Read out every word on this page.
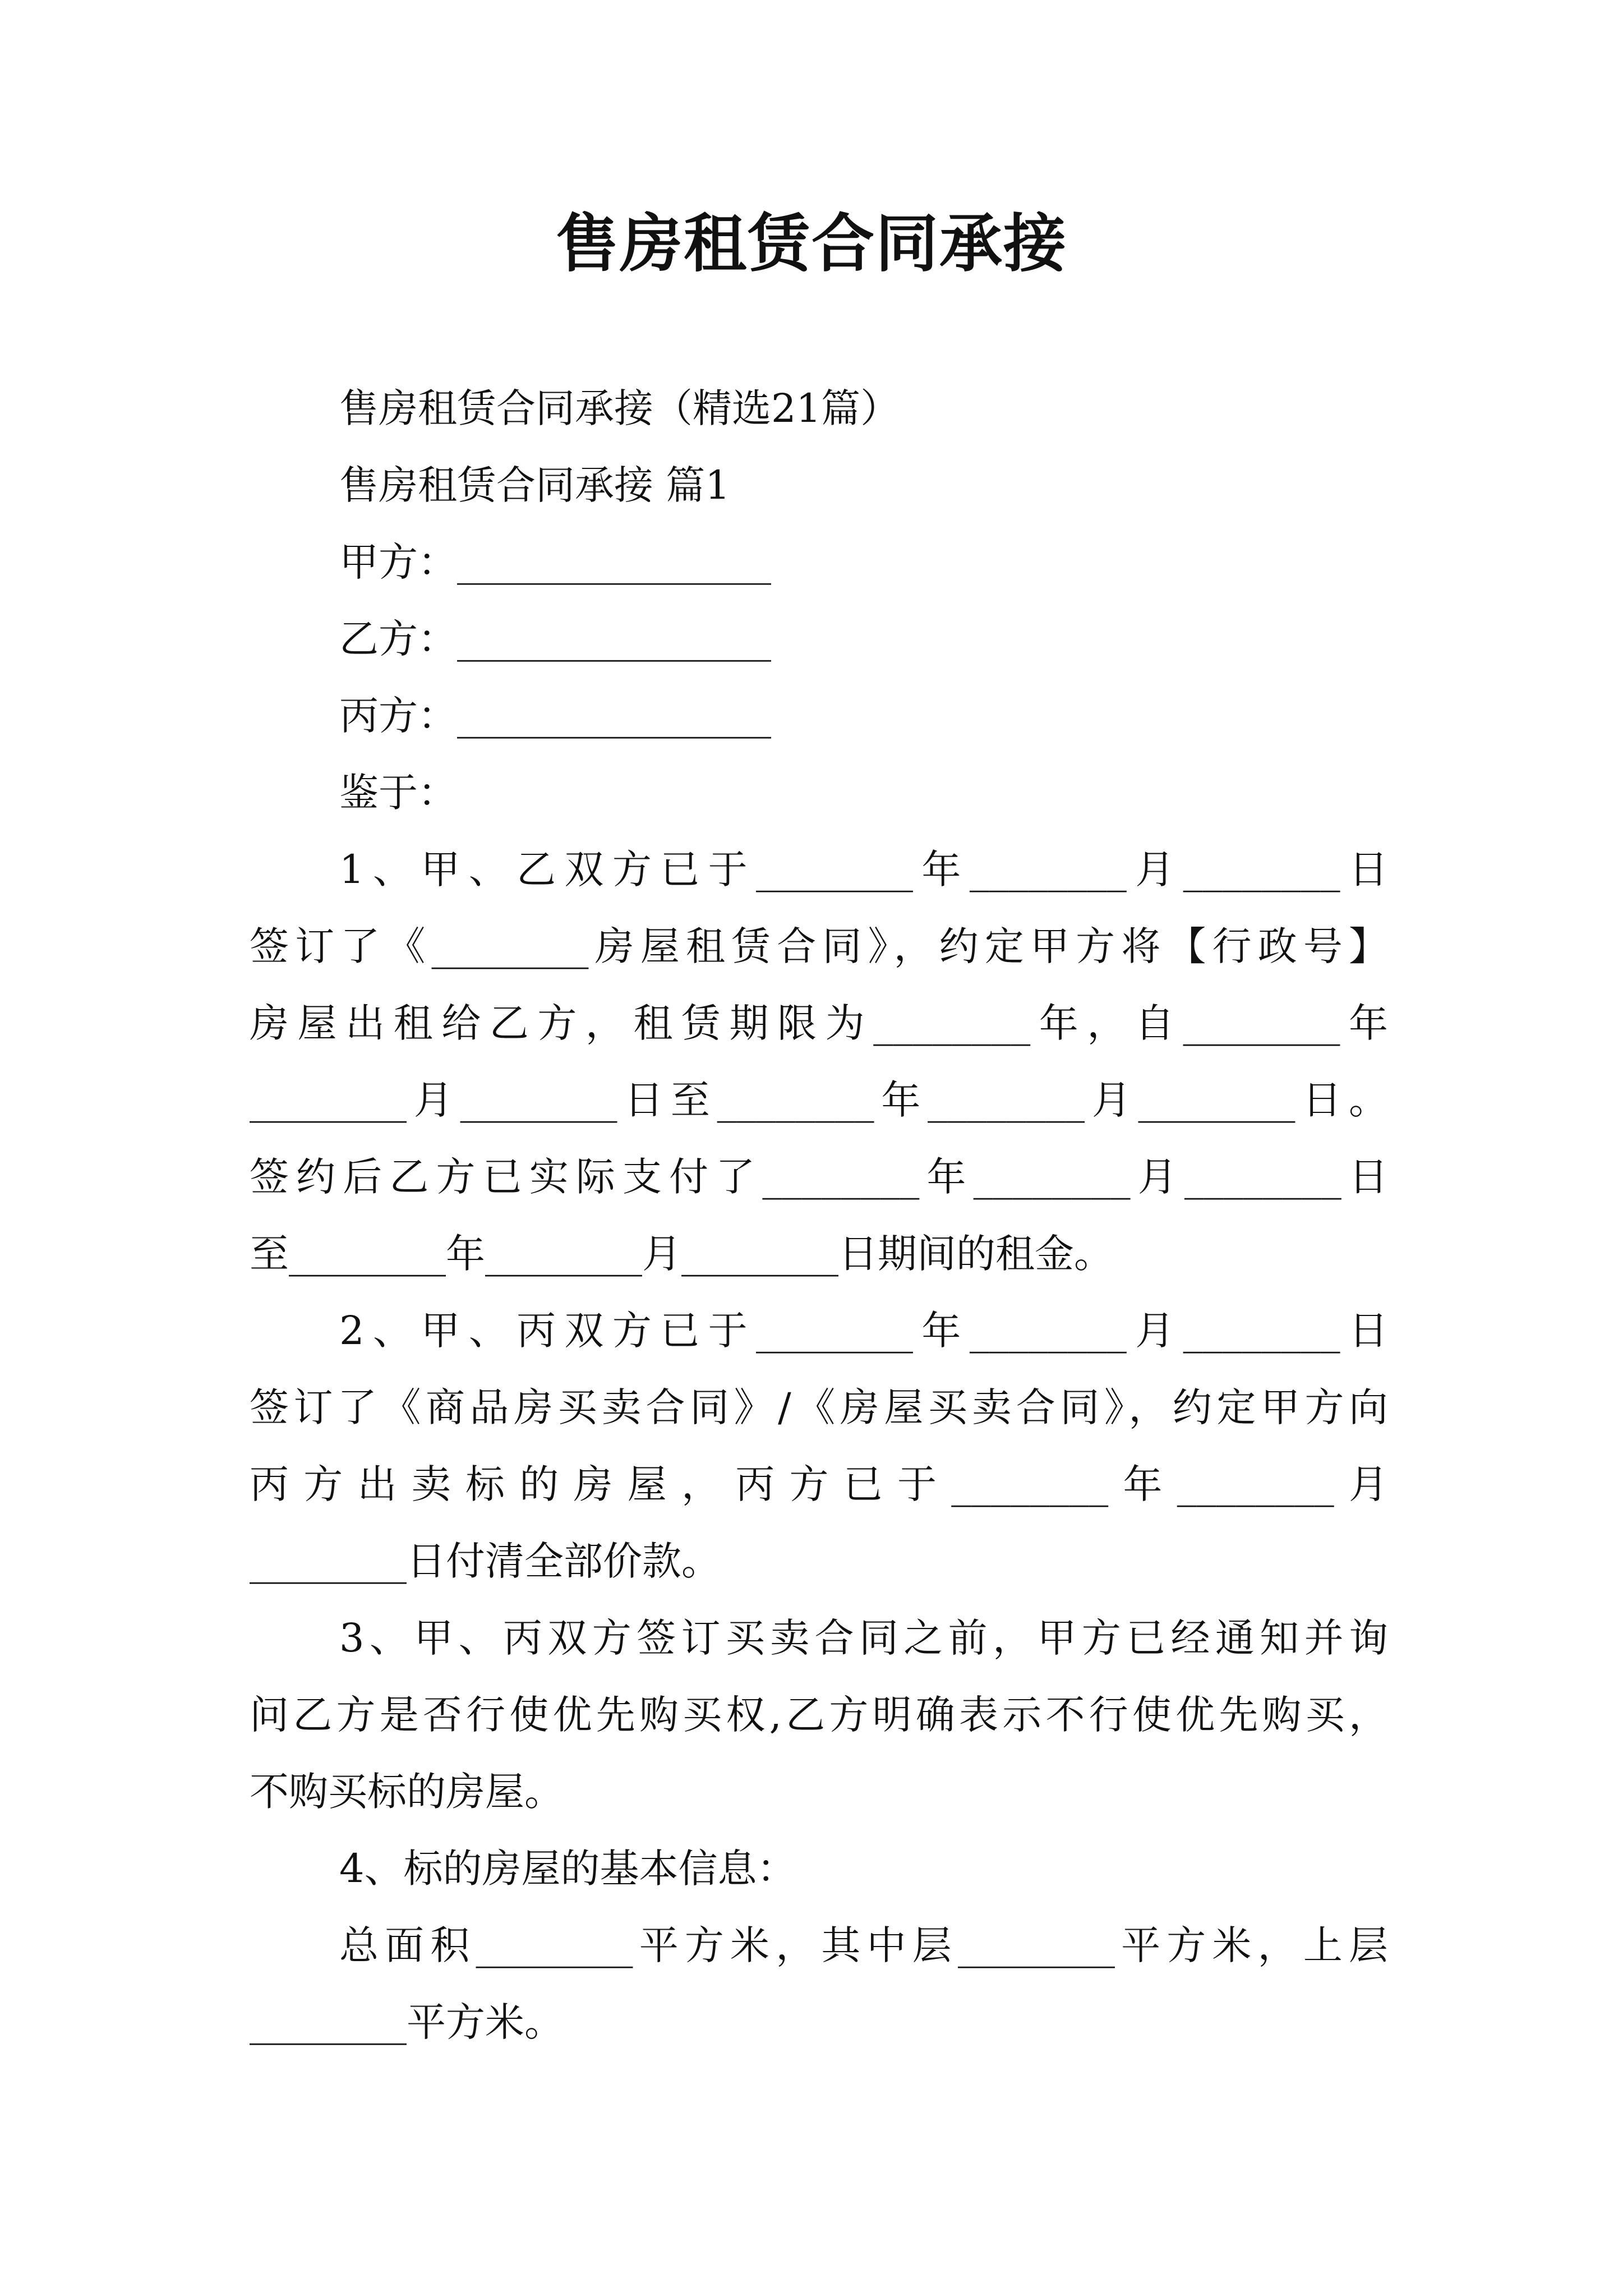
售房租赁合同承接

售房租赁合同承接（精选21篇）

售房租赁合同承接 篇1

甲方：________________

乙方：________________

丙方：________________

鉴于：

1、甲、乙双方已于________年________月________日

签订了《________房屋租赁合同》，约定甲方将【行政号】

房屋出租给乙方，租赁期限为________年，自________年

________月________日至________年________月________日。

签约后乙方已实际支付了________年________月________日

至________年________月________日期间的租金。

2、甲、丙双方已于________年________月________日

签订了《商品房买卖合同》/《房屋买卖合同》，约定甲方向

丙方出卖标的房屋，丙方已于________年________月

________日付清全部价款。

3、甲、丙双方签订买卖合同之前，甲方已经通知并询

问乙方是否行使优先购买权,乙方明确表示不行使优先购买，

不购买标的房屋。

4、标的房屋的基本信息：

总面积________平方米，其中层________平方米，上层

________平方米。
